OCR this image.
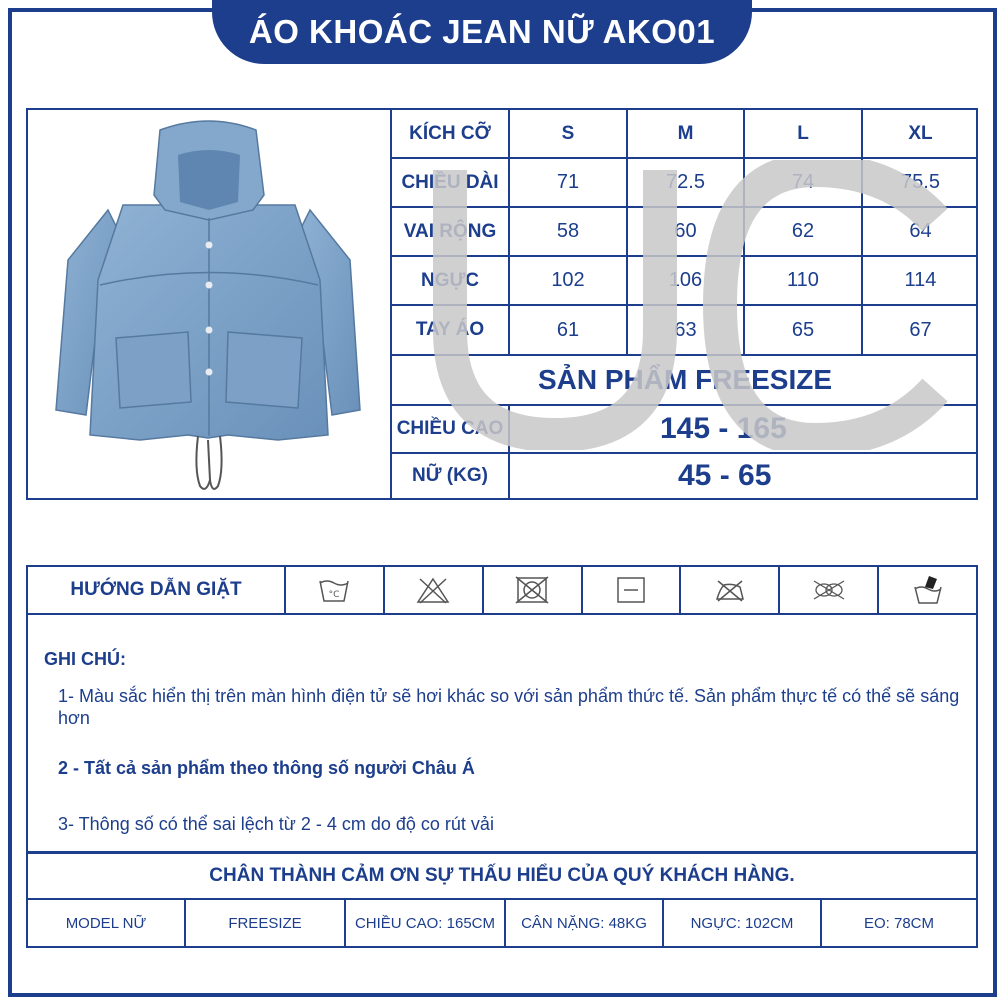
ÁO KHOÁC JEAN NỮ AKO01
KÍCH CỠ	S	M	L	XL
CHIỀU DÀI	71	72.5	74	75.5
VAI RỘNG	58	60	62	64
NGỰC	102	106	110	114
TAY ÁO	61	63	65	67
SẢN PHẨM FREESIZE
CHIỀU CAO	145 - 165
NỮ (KG)	45 - 65
HƯỚNG DẪN GIẶT	°C
GHI CHÚ:
1- Màu sắc hiển thị trên màn hình điện tử sẽ hơi khác so với sản phẩm thức tế. Sản phẩm thực tế có thể sẽ sáng hơn
2 - Tất cả sản phẩm theo thông số người Châu Á
3- Thông số có thể sai lệch từ 2 - 4 cm do độ co rút vải
CHÂN THÀNH CẢM ƠN SỰ THẤU HIỂU CỦA QUÝ KHÁCH HÀNG.
MODEL NỮ	FREESIZE	CHIỀU CAO: 165CM	CÂN NẶNG: 48KG	NGỰC: 102CM	EO: 78CM
